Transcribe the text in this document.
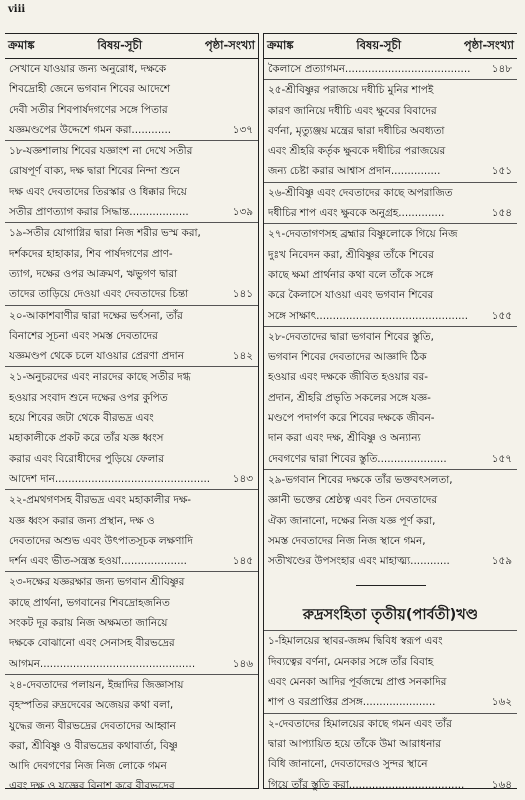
viii
ক্রমাঙ্ক	বিষয়-সূচী	পৃষ্ঠা-সংখ্যা
সেখানে যাওয়ার জন্য অনুরোধ, দক্ষকে
শিবদ্রোহী জেনে ভগবান শিবের আদেশে
দেবী সতীর শিবপার্ষদগণের সঙ্গে পিতার
যজ্ঞমণ্ডপের উদ্দেশে গমন করা............	১৩৭
১৮-যজ্ঞশালায় শিবের যজ্ঞাংশ না দেখে সতীর
রোষপূর্ণ বাক্য, দক্ষ দ্বারা শিবের নিন্দা শুনে
দক্ষ এবং দেবতাদের তিরস্কার ও ধিক্কার দিয়ে
সতীর প্রাণত্যাগ করার সিদ্ধান্ত..................	১৩৯
১৯-সতীর যোগাগ্নির দ্বারা নিজ শরীর ভস্ম করা,
দর্শকদের হাহাকার, শিব পার্ষদগণের প্রাণ-
ত্যাগ, দক্ষের ওপর আক্রমণ, ঋভুগণ দ্বারা
তাদের তাড়িয়ে দেওয়া এবং দেবতাদের চিন্তা	১৪১
২০-আকাশবাণীর দ্বারা দক্ষের ভর্ৎসনা, তাঁর
বিনাশের সূচনা এবং সমস্ত দেবতাদের
যজ্ঞমণ্ডপ থেকে চলে যাওয়ার প্রেরণা প্রদান	১৪২
২১-অনুচরদের এবং নারদের কাছে সতীর দগ্ধ
হওয়ার সংবাদ শুনে দক্ষের ওপর কুপিত
হয়ে শিবের জটা থেকে বীরভদ্র এবং
মহাকালীকে প্রকট করে তাঁর যজ্ঞ ধ্বংস
করার এবং বিরোধীদের পুড়িয়ে ফেলার
আদেশ দান...............................................	১৪৩
২২-প্রমথগণসহ বীরভদ্র এবং মহাকালীর দক্ষ-
যজ্ঞ ধ্বংস করার জন্য প্রস্থান, দক্ষ ও
দেবতাদের অশুভ এবং উৎপাতসূচক লক্ষণাদি
দর্শন এবং ভীত-সন্ত্রস্ত হওয়া....................	১৪৫
২৩-দক্ষের যজ্ঞরক্ষার জন্য ভগবান শ্রীবিষ্ণুর
কাছে প্রার্থনা, ভগবানের শিবদ্রোহজনিত
সংকট দূর করায় নিজ অক্ষমতা জানিয়ে
দক্ষকে বোঝানো এবং সেনাসহ বীরভদ্রের
আগমন...............................................	১৪৬
২৪-দেবতাদের পলায়ন, ইন্দ্রাদির জিজ্ঞাসায়
বৃহস্পতির রুদ্রদেবের অজেয়র কথা বলা,
যুদ্ধের জন্য বীরভদ্রের দেবতাদের আহ্বান
করা, শ্রীবিষ্ণু ও বীরভদ্রের কথাবার্তা, বিষ্ণু
আদি দেবগণের নিজ নিজ লোকে গমন
এবং দক্ষ ও যজ্ঞের বিনাশ করে বীরভদ্রের
ক্রমাঙ্ক	বিষয়-সূচী	পৃষ্ঠা-সংখ্যা
কৈলাসে প্রত্যাগমন......................................	১৪৮
২৫-শ্রীবিষ্ণুর পরাজয়ে দধীচি মুনির শাপই
কারণ জানিয়ে দধীচি এবং ক্ষুবের বিবাদের
বর্ণনা, মৃত্যুঞ্জয় মন্ত্রের দ্বারা দধীচির অবধ্যতা
এবং শ্রীহরি কর্তৃক ক্ষুবকে দধীচির পরাজয়ের
জন্য চেষ্টা করার আশ্বাস প্রদান...............	১৫১
২৬-শ্রীবিষ্ণু এবং দেবতাদের কাছে অপরাজিত
দধীচির শাপ এবং ক্ষুবকে অনুগ্রহ..............	১৫৪
২৭-দেবতাগণসহ ব্রহ্মার বিষ্ণুলোকে গিয়ে নিজ
দুঃখ নিবেদন করা, শ্রীবিষ্ণুর তাঁকে শিবের
কাছে ক্ষমা প্রার্থনার কথা বলে তাঁকে সঙ্গে
করে কৈলাসে যাওয়া এবং ভগবান শিবের
সঙ্গে সাক্ষাৎ..............................................	১৫৫
২৮-দেবতাদের দ্বারা ভগবান শিবের স্তুতি,
ভগবান শিবের দেবতাদের আজ্ঞাদি ঠিক
হওয়ার এবং দক্ষকে জীবিত হওয়ার বর-
প্রদান, শ্রীহরি প্রভৃতি সকলের সঙ্গে যজ্ঞ-
মণ্ডপে পদার্পণ করে শিবের দক্ষকে জীবন-
দান করা এবং দক্ষ, শ্রীবিষ্ণু ও অন্যান্য
দেবগণের দ্বারা শিবের স্তুতি.....................	১৫৭
২৯-ভগবান শিবের দক্ষকে তাঁর ভক্তবৎসলতা,
জ্ঞানী ভক্তের শ্রেষ্ঠত্ব এবং তিন দেবতাদের
ঐক্য জানানো, দক্ষের নিজ যজ্ঞ পূর্ণ করা,
সমস্ত দেবতাদের নিজ নিজ স্থানে গমন,
সতীখণ্ডের উপসংহার এবং মাহাত্ম্য............	১৫৯
রুদ্রসংহিতা তৃতীয়(পার্বতী)খণ্ড
১-হিমালয়ের স্থাবর-জঙ্গম দ্বিবিধ স্বরূপ এবং
দিব্যত্বের বর্ণনা, মেনকার সঙ্গে তাঁর বিবাহ
এবং মেনকা আদির পূর্বজন্মে প্রাপ্ত সনকাদির
শাপ ও বরপ্রাপ্তির প্রসঙ্গ......................	১৬২
২-দেবতাদের হিমালয়ের কাছে গমন এবং তাঁর
দ্বারা আপ্যায়িত হয়ে তাঁকে উমা আরাধনার
বিধি জানানো, দেবতাদেরও সুন্দর স্থানে
গিয়ে তাঁর স্তুতি করা...................................	১৬৪
